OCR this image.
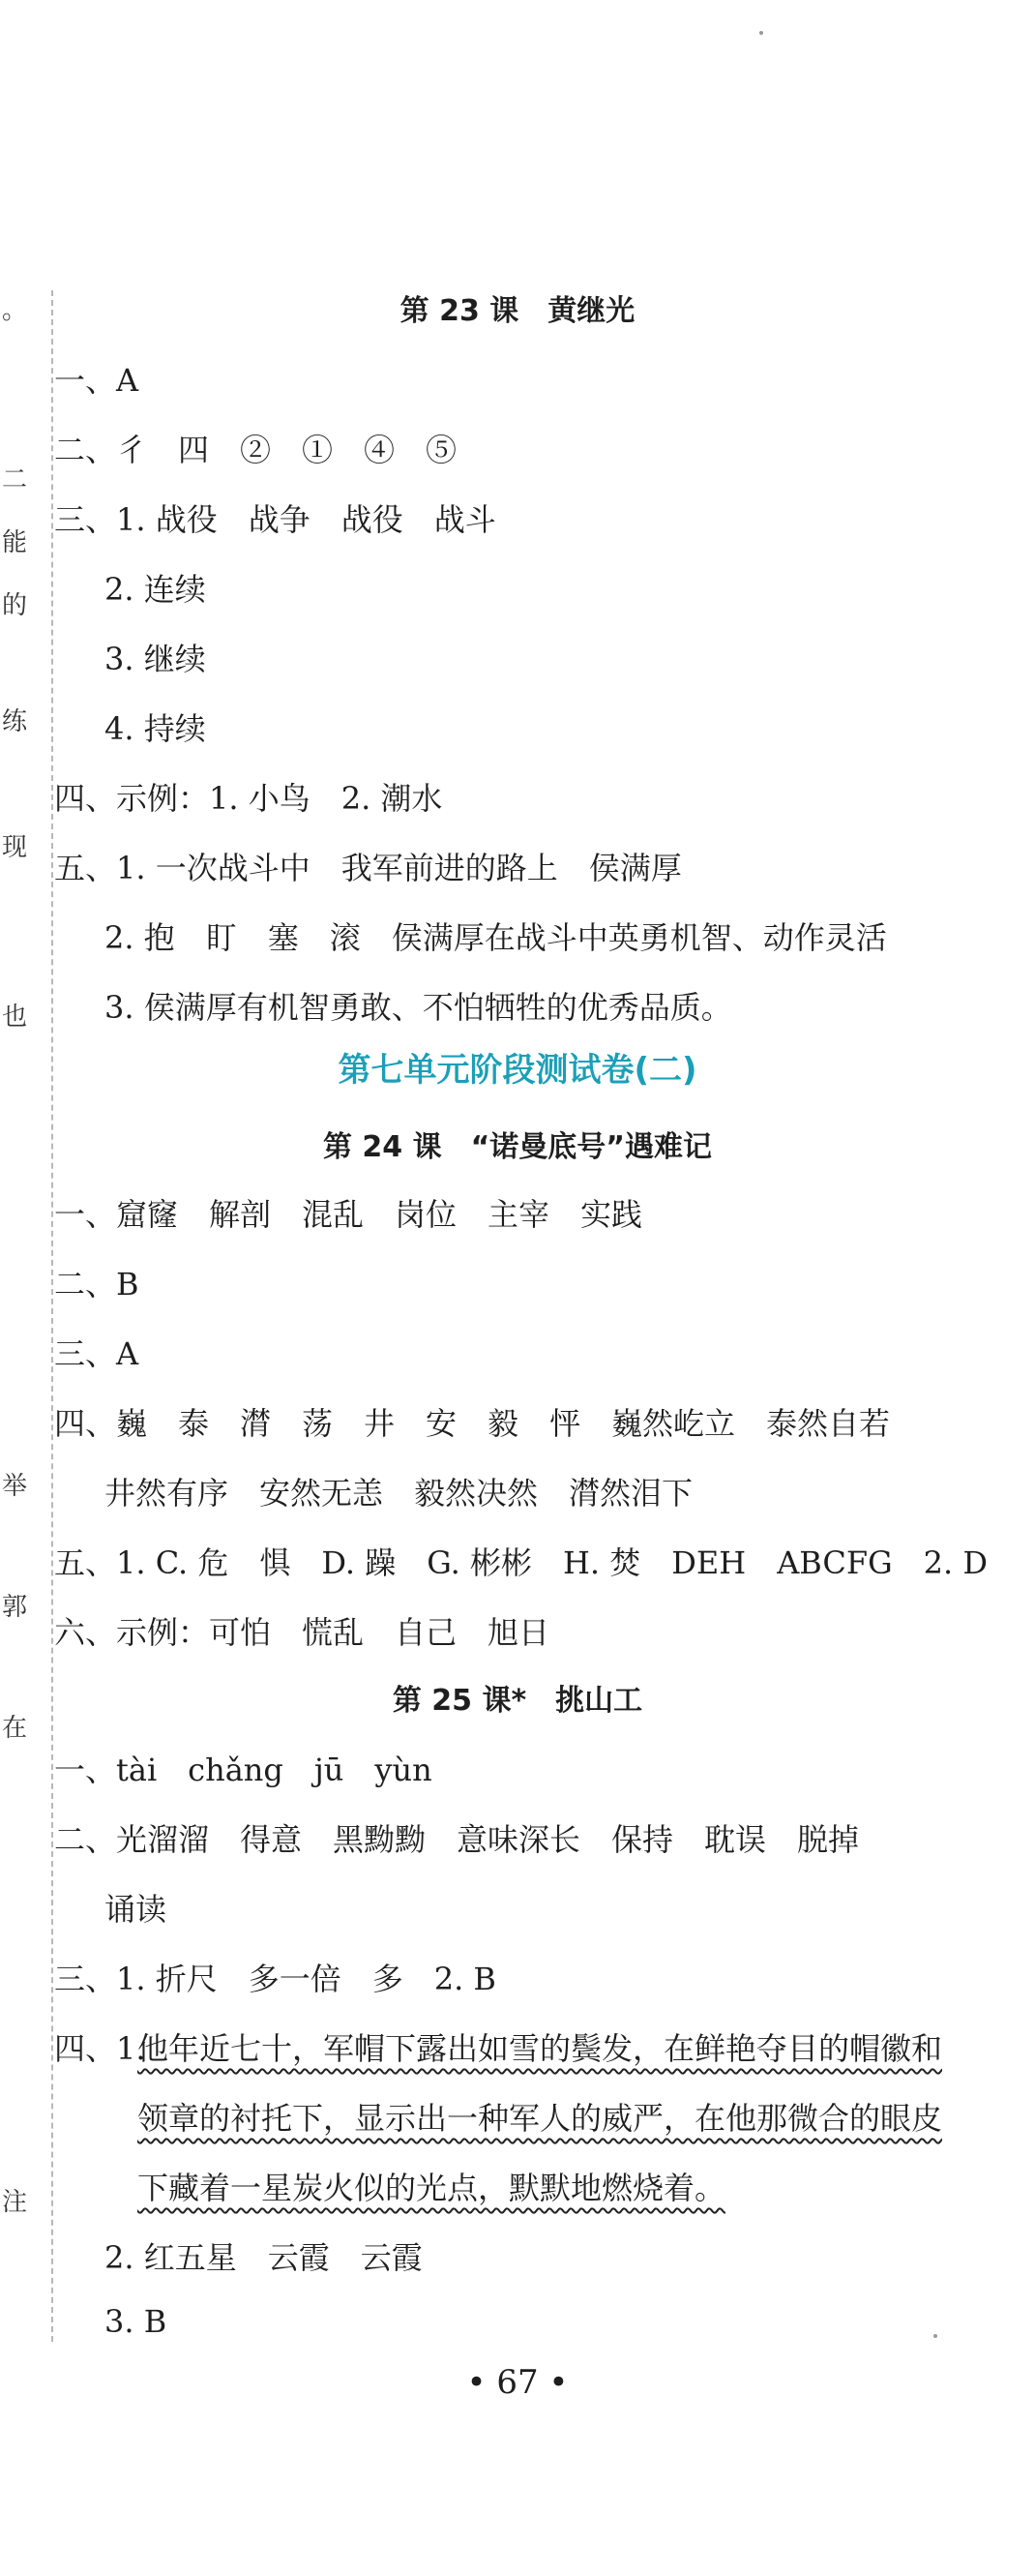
。
二
能
的
练
现
也
举
郭
在
注
第 23 课　黄继光
一、A
二、彳　四　②　①　④　⑤
三、1. 战役　战争　战役　战斗
2. 连续
3. 继续
4. 持续
四、示例：1. 小鸟　2. 潮水
五、1. 一次战斗中　我军前进的路上　侯满厚
2. 抱　盯　塞　滚　侯满厚在战斗中英勇机智、动作灵活
3. 侯满厚有机智勇敢、不怕牺牲的优秀品质。
第七单元阶段测试卷(二)
第 24 课　“诺曼底号”遇难记
一、窟窿　解剖　混乱　岗位　主宰　实践
二、B
三、A
四、巍　泰　潸　荡　井　安　毅　怦　巍然屹立　泰然自若
井然有序　安然无恙　毅然决然　潸然泪下
五、1. C. 危　惧　D. 躁　G. 彬彬　H. 焚　DEH　ABCFG　2. D
六、示例：可怕　慌乱　自己　旭日
第 25 课*　挑山工
一、tài　chǎng　jū　yùn
二、光溜溜　得意　黑黝黝　意味深长　保持　耽误　脱掉
诵读
三、1. 折尺　多一倍　多　2. B
四、1.
他年近七十，军帽下露出如雪的鬓发，在鲜艳夺目的帽徽和
领章的衬托下，显示出一种军人的威严，在他那微合的眼皮
下藏着一星炭火似的光点，默默地燃烧着。
2. 红五星　云霞　云霞
3. B
• 67 •
